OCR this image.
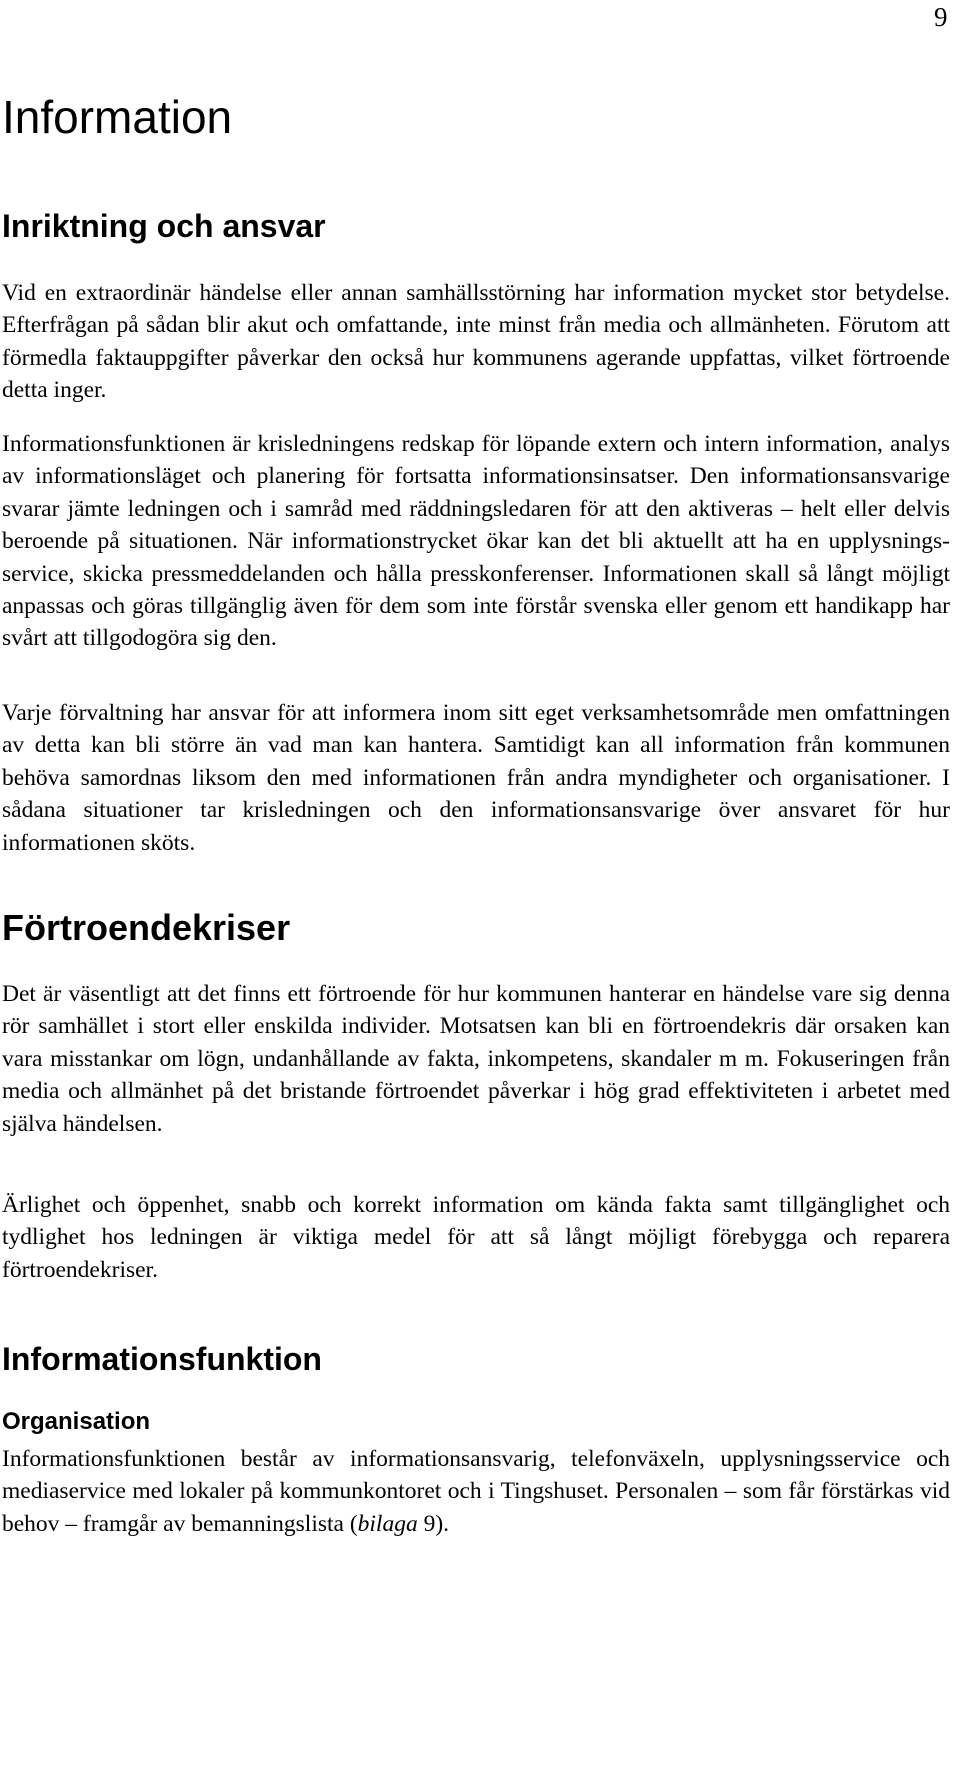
9
Information
Inriktning och ansvar

Vid en extraordinär händelse eller annan samhällsstörning har information mycket stor betydelse. Efterfrågan på sådan blir akut och omfattande, inte minst från media och allmänheten. Förutom att förmedla faktauppgifter påverkar den också hur kommunens agerande uppfattas, vilket förtroende detta inger.

Informationsfunktionen är krisledningens redskap för löpande extern och intern information, analys av informationsläget och planering för fortsatta informationsinsatser. Den informationsansvarige svarar jämte ledningen och i samråd med räddningsledaren för att den aktiveras – helt eller delvis beroende på situationen. När informationstrycket ökar kan det bli aktuellt att ha en upplysningsservice, skicka pressmeddelanden och hålla presskonferenser. Informationen skall så långt möjligt anpassas och göras tillgänglig även för dem som inte förstår svenska eller genom ett handikapp har svårt att tillgodogöra sig den.

Varje förvaltning har ansvar för att informera inom sitt eget verksamhetsområde men omfattningen av detta kan bli större än vad man kan hantera. Samtidigt kan all information från kommunen behöva samordnas liksom den med informationen från andra myndigheter och organisationer. I sådana situationer tar krisledningen och den informationsansvarige över ansvaret för hur informationen sköts.

Förtroendekriser

Det är väsentligt att det finns ett förtroende för hur kommunen hanterar en händelse vare sig denna rör samhället i stort eller enskilda individer. Motsatsen kan bli en förtroendekris där orsaken kan vara misstankar om lögn, undanhållande av fakta, inkompetens, skandaler m m. Fokuseringen från media och allmänhet på det bristande förtroendet påverkar i hög grad effektiviteten i arbetet med själva händelsen.

Ärlighet och öppenhet, snabb och korrekt information om kända fakta samt tillgänglighet och tydlighet hos ledningen är viktiga medel för att så långt möjligt förebygga och reparera förtroendekriser.

Informationsfunktion
Organisation

Informationsfunktionen består av informationsansvarig, telefonväxeln, upplysningsservice och mediaservice med lokaler på kommunkontoret och i Tingshuset. Personalen – som får förstärkas vid behov – framgår av bemanningslista (bilaga 9).
